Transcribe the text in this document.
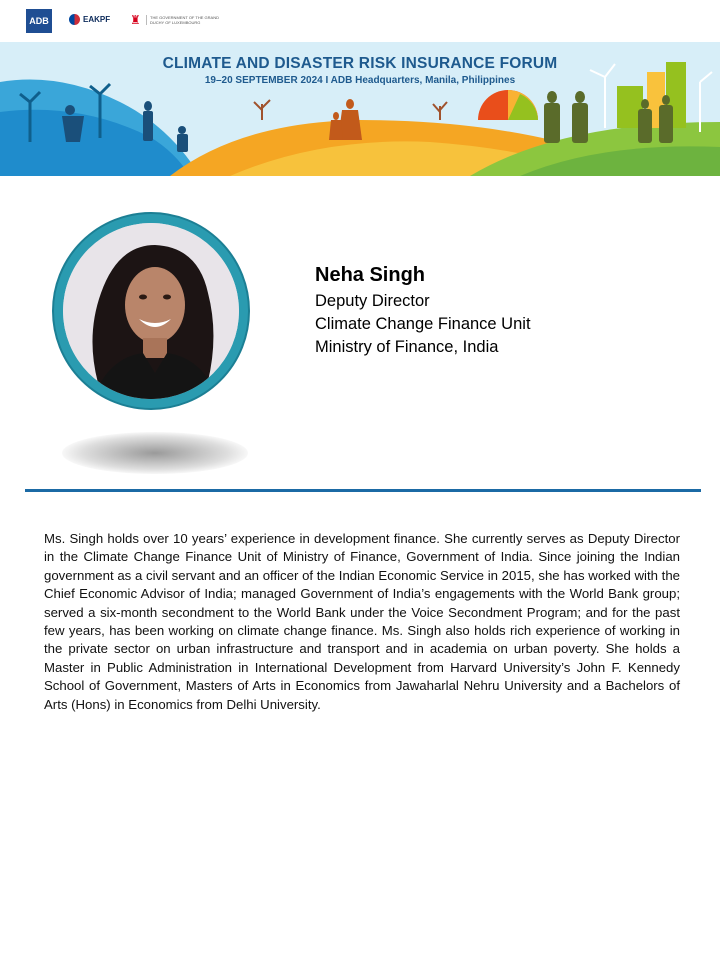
ADB	EAKPF ♜	THE GOVERNMENT OF THE GRAND DUCHY OF LUXEMBOURG
CLIMATE AND DISASTER RISK INSURANCE FORUM
19–20 SEPTEMBER 2024 I ADB Headquarters, Manila, Philippines
Neha Singh
Deputy Director
Climate Change Finance Unit
Ministry of Finance, India
Ms. Singh holds over 10 years’ experience in development finance. She currently serves as Deputy Director in the Climate Change Finance Unit of Ministry of Finance, Government of India. Since joining the Indian government as a civil servant and an officer of the Indian Economic Service in 2015, she has worked with the Chief Economic Advisor of India; managed Government of India’s engagements with the World Bank group; served a six-month secondment to the World Bank under the Voice Secondment Program; and for the past few years, has been working on climate change finance. Ms. Singh also holds rich experience of working in the private sector on urban infrastructure and transport and in academia on urban poverty. She holds a Master in Public Administration in International Development from Harvard University’s John F. Kennedy School of Government, Masters of Arts in Economics from Jawaharlal Nehru University and a Bachelors of Arts (Hons) in Economics from Delhi University.
